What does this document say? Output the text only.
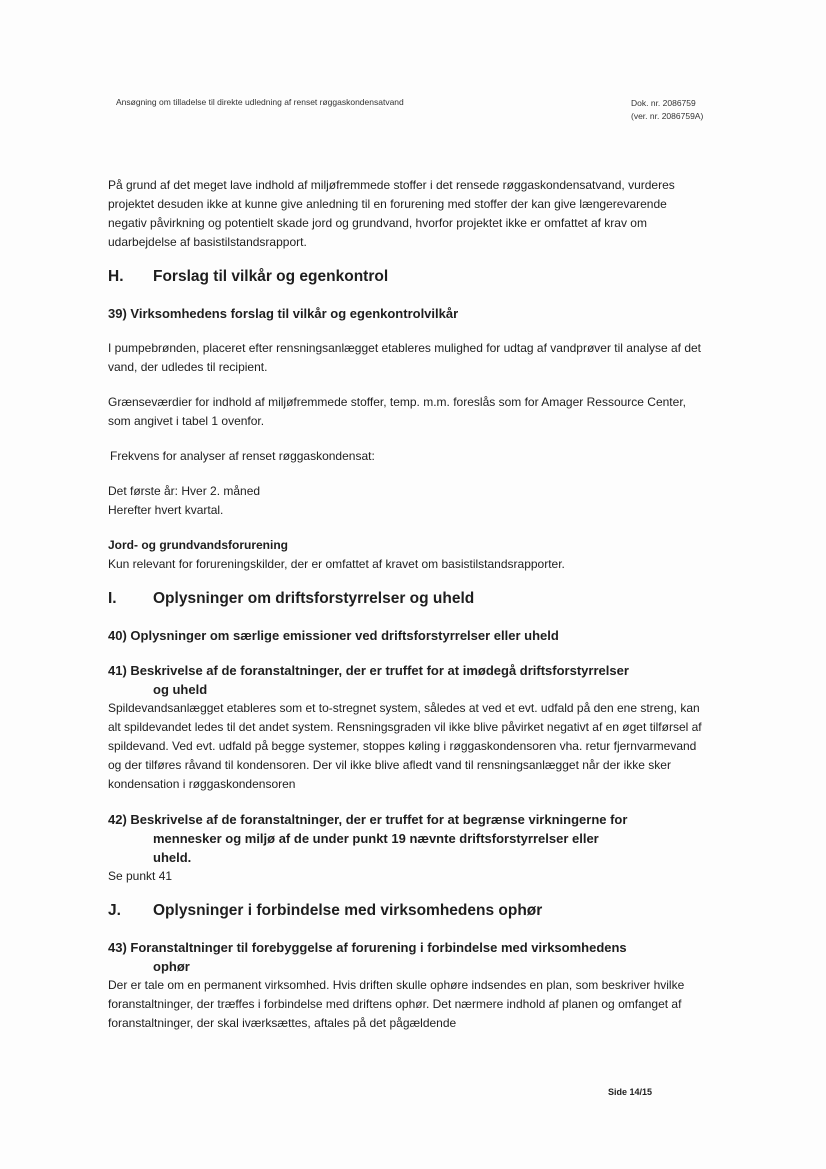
Ansøgning om tilladelse til direkte udledning af renset røggaskondensatvand	Dok. nr. 2086759
(ver. nr. 2086759A)

På grund af det meget lave indhold af miljøfremmede stoffer i det rensede røggaskondensatvand, vurderes projektet desuden ikke at kunne give anledning til en forurening med stoffer der kan give længerevarende negativ påvirkning og potentielt skade jord og grundvand, hvorfor projektet ikke er omfattet af krav om udarbejdelse af basistilstandsrapport.

H.	Forslag til vilkår og egenkontrol
39) Virksomhedens forslag til vilkår og egenkontrolvilkår

I pumpebrønden, placeret efter rensningsanlægget etableres mulighed for udtag af vandprøver til analyse af det vand, der udledes til recipient.

Grænseværdier for indhold af miljøfremmede stoffer, temp. m.m. foreslås som for Amager Ressource Center, som angivet i tabel 1 ovenfor.

Frekvens for analyser af renset røggaskondensat:

Det første år: Hver 2. måned

Herefter hvert kvartal.

Jord- og grundvandsforurening

Kun relevant for forureningskilder, der er omfattet af kravet om basistilstandsrapporter.

I.	Oplysninger om driftsforstyrrelser og uheld
40) Oplysninger om særlige emissioner ved driftsforstyrrelser eller uheld
41) Beskrivelse af de foranstaltninger, der er truffet for at imødegå driftsforstyrrelser
og uheld

Spildevandsanlægget etableres som et to-stregnet system, således at ved et evt. udfald på den ene streng, kan alt spildevandet ledes til det andet system. Rensningsgraden vil ikke blive påvirket negativt af en øget tilførsel af spildevand. Ved evt. udfald på begge systemer, stoppes køling i røggaskondensoren vha. retur fjernvarmevand og der tilføres råvand til kondensoren. Der vil ikke blive afledt vand til rensningsanlægget når der ikke sker kondensation i røggaskondensoren

42) Beskrivelse af de foranstaltninger, der er truffet for at begrænse virkningerne for
mennesker og miljø af de under punkt 19 nævnte driftsforstyrrelser eller
uheld.

Se punkt 41

J.	Oplysninger i forbindelse med virksomhedens ophør
43) Foranstaltninger til forebyggelse af forurening i forbindelse med virksomhedens
ophør

Der er tale om en permanent virksomhed. Hvis driften skulle ophøre indsendes en plan, som beskriver hvilke foranstaltninger, der træffes i forbindelse med driftens ophør. Det nærmere indhold af planen og omfanget af foranstaltninger, der skal iværksættes, aftales på det pågældende

Side 14/15
